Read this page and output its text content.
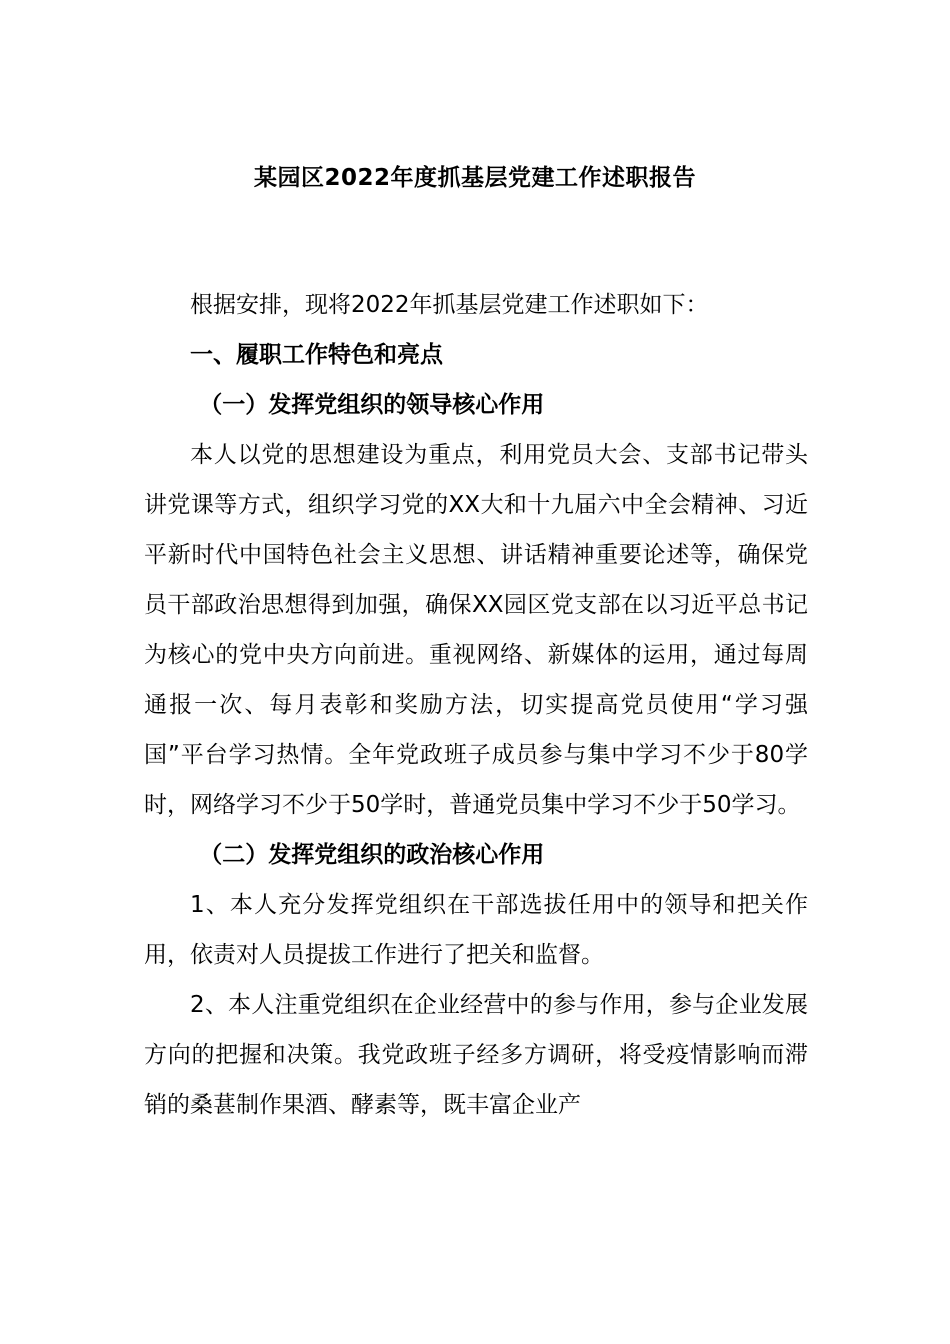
某园区2022年度抓基层党建工作述职报告

根据安排，现将2022年抓基层党建工作述职如下：

一、履职工作特色和亮点

（一）发挥党组织的领导核心作用

本人以党的思想建设为重点，利用党员大会、支部书记带头讲党课等方式，组织学习党的XX大和十九届六中全会精神、习近平新时代中国特色社会主义思想、讲话精神重要论述等，确保党员干部政治思想得到加强，确保XX园区党支部在以习近平总书记为核心的党中央方向前进。重视网络、新媒体的运用，通过每周通报一次、每月表彰和奖励方法，切实提高党员使用“学习强国”平台学习热情。全年党政班子成员参与集中学习不少于80学时，网络学习不少于50学时，普通党员集中学习不少于50学习。

（二）发挥党组织的政治核心作用

1、本人充分发挥党组织在干部选拔任用中的领导和把关作用，依责对人员提拔工作进行了把关和监督。

2、本人注重党组织在企业经营中的参与作用，参与企业发展方向的把握和决策。我党政班子经多方调研，将受疫情影响而滞销的桑葚制作果酒、酵素等，既丰富企业产
